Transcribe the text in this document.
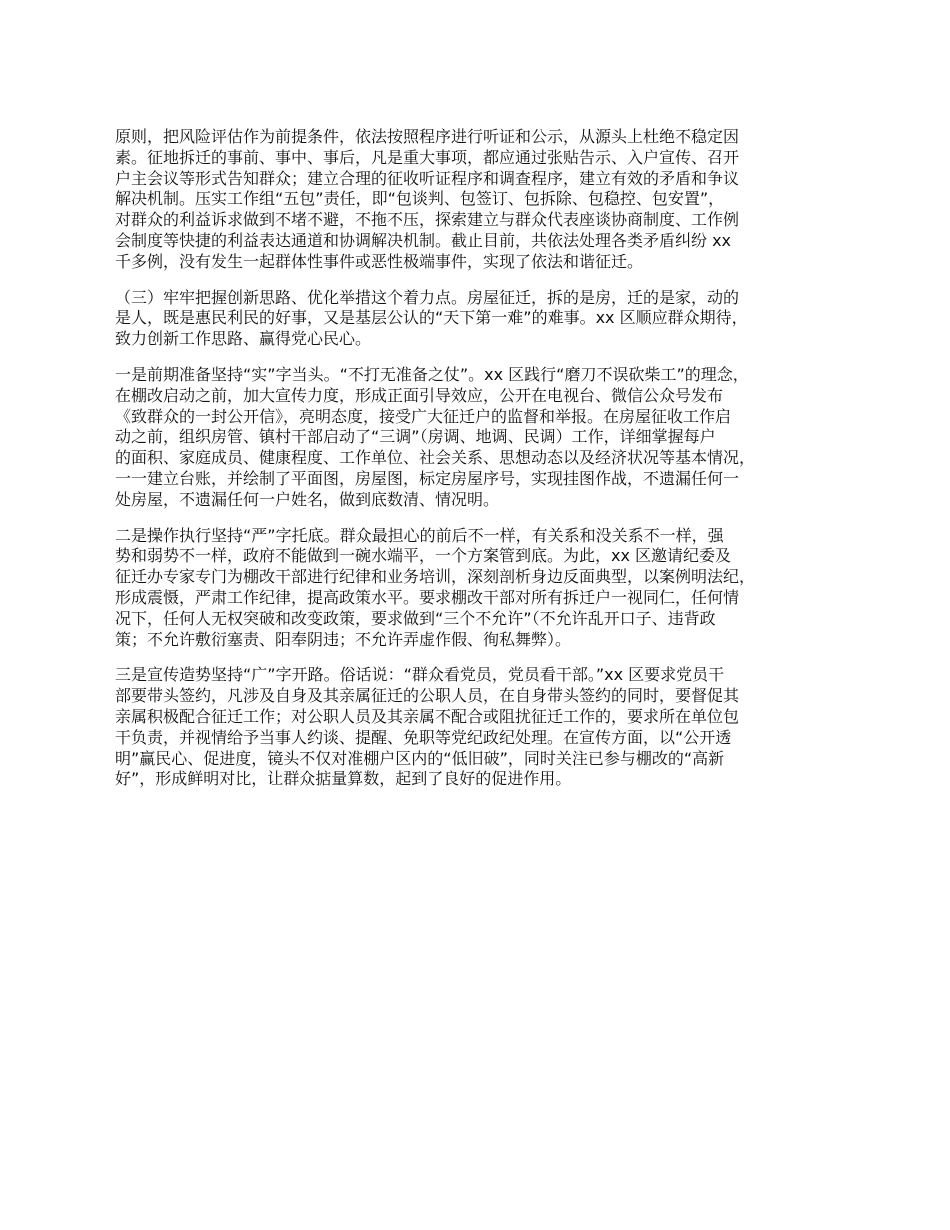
原则，把风险评估作为前提条件，依法按照程序进行听证和公示，从源头上杜绝不稳定因
素。征地拆迁的事前、事中、事后，凡是重大事项，都应通过张贴告示、入户宣传、召开
户主会议等形式告知群众；建立合理的征收听证程序和调查程序，建立有效的矛盾和争议
解决机制。压实工作组“五包”责任，即“包谈判、包签订、包拆除、包稳控、包安置”，
对群众的利益诉求做到不堵不避，不拖不压，探索建立与群众代表座谈协商制度、工作例
会制度等快捷的利益表达通道和协调解决机制。截止目前，共依法处理各类矛盾纠纷 xx
千多例，没有发生一起群体性事件或恶性极端事件，实现了依法和谐征迁。
（三）牢牢把握创新思路、优化举措这个着力点。房屋征迁，拆的是房，迁的是家，动的
是人，既是惠民利民的好事，又是基层公认的“天下第一难”的难事。xx 区顺应群众期待，
致力创新工作思路、赢得党心民心。
一是前期准备坚持“实”字当头。“不打无准备之仗”。xx 区践行“磨刀不误砍柴工”的理念，
在棚改启动之前，加大宣传力度，形成正面引导效应，公开在电视台、微信公众号发布
《致群众的一封公开信》，亮明态度，接受广大征迁户的监督和举报。在房屋征收工作启
动之前，组织房管、镇村干部启动了“三调”（房调、地调、民调）工作，详细掌握每户
的面积、家庭成员、健康程度、工作单位、社会关系、思想动态以及经济状况等基本情况，
一一建立台账，并绘制了平面图，房屋图，标定房屋序号，实现挂图作战，不遗漏任何一
处房屋，不遗漏任何一户姓名，做到底数清、情况明。
二是操作执行坚持“严”字托底。群众最担心的前后不一样，有关系和没关系不一样，强
势和弱势不一样，政府不能做到一碗水端平，一个方案管到底。为此，xx 区邀请纪委及
征迁办专家专门为棚改干部进行纪律和业务培训，深刻剖析身边反面典型，以案例明法纪，
形成震慑，严肃工作纪律，提高政策水平。要求棚改干部对所有拆迁户一视同仁，任何情
况下，任何人无权突破和改变政策，要求做到“三个不允许”（不允许乱开口子、违背政
策；不允许敷衍塞责、阳奉阴违；不允许弄虚作假、徇私舞弊）。
三是宣传造势坚持“广”字开路。俗话说：“群众看党员，党员看干部。”xx 区要求党员干
部要带头签约，凡涉及自身及其亲属征迁的公职人员，在自身带头签约的同时，要督促其
亲属积极配合征迁工作；对公职人员及其亲属不配合或阻扰征迁工作的，要求所在单位包
干负责，并视情给予当事人约谈、提醒、免职等党纪政纪处理。在宣传方面，以“公开透
明”赢民心、促进度，镜头不仅对准棚户区内的“低旧破”，同时关注已参与棚改的“高新
好”，形成鲜明对比，让群众掂量算数，起到了良好的促进作用。
